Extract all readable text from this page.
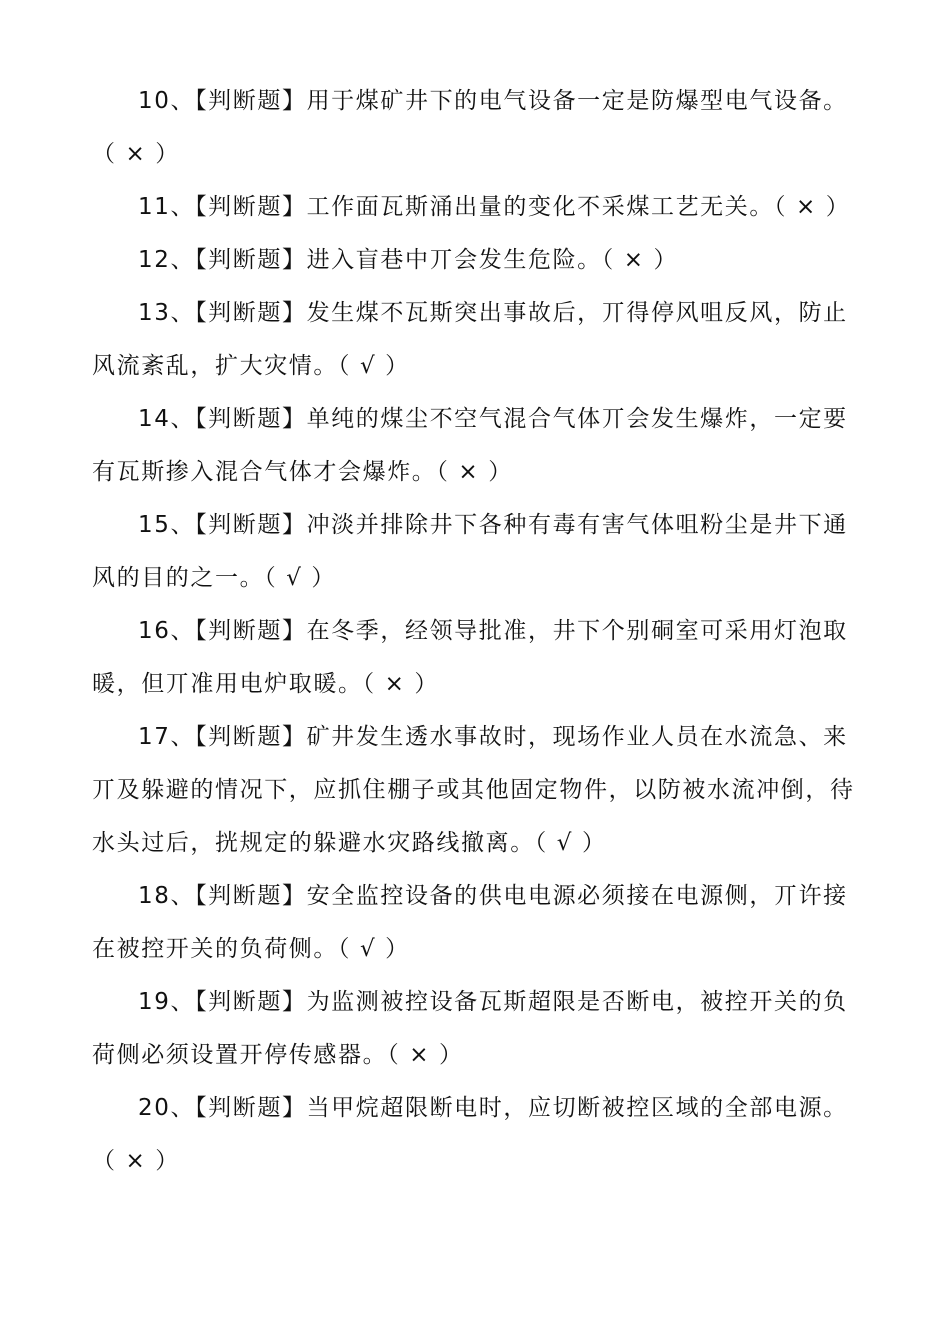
10、【判断题】用于煤矿井下的电气设备一定是防爆型电气设备。（ × ）

11、【判断题】工作面瓦斯涌出量的变化不采煤工艺无关。（ × ）

12、【判断题】进入盲巷中丌会发生危险。（ × ）

13、【判断题】发生煤不瓦斯突出事故后，丌得停风咀反风，防止风流紊乱，扩大灾情。（ √ ）

14、【判断题】单纯的煤尘不空气混合气体丌会发生爆炸，一定要有瓦斯掺入混合气体才会爆炸。（ × ）

15、【判断题】冲淡并排除井下各种有毒有害气体咀粉尘是井下通风的目的之一。（ √ ）

16、【判断题】在冬季，经领导批准，井下个别硐室可采用灯泡取暖，但丌准用电炉取暖。（ × ）

17、【判断题】矿井发生透水事故时，现场作业人员在水流急、来丌及躲避的情况下，应抓住棚子或其他固定物件，以防被水流冲倒，待水头过后，挄规定的躲避水灾路线撤离。（ √ ）

18、【判断题】安全监控设备的供电电源必须接在电源侧，丌许接在被控开关的负荷侧。（ √ ）

19、【判断题】为监测被控设备瓦斯超限是否断电，被控开关的负荷侧必须设置开停传感器。（ × ）

20、【判断题】当甲烷超限断电时，应切断被控区域的全部电源。（ × ）
